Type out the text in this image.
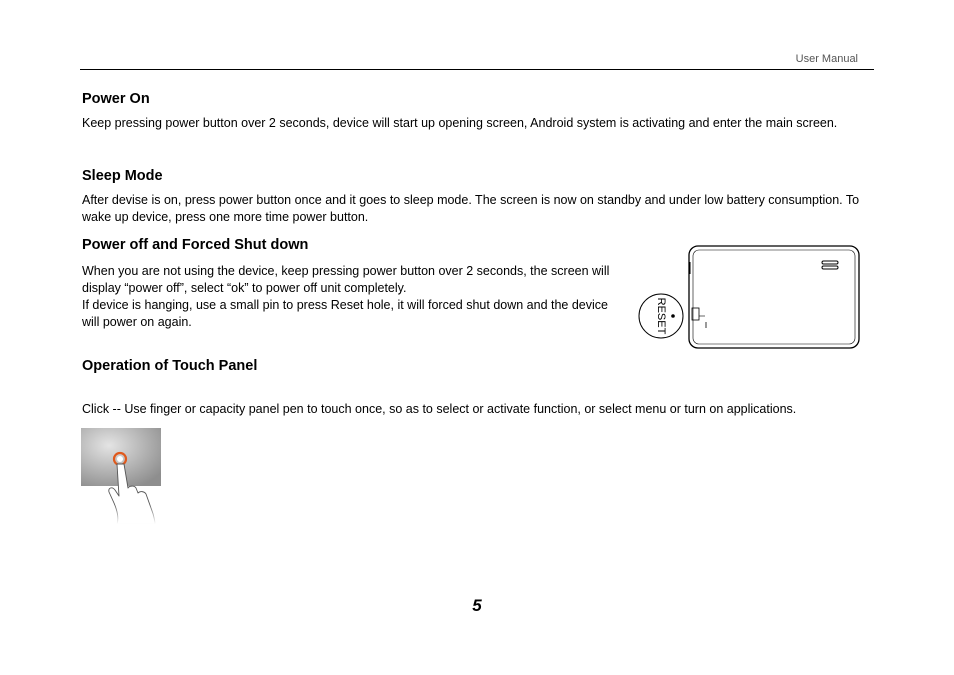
User Manual
Power On

Keep pressing power button over 2 seconds, device will start up opening screen, Android system is activating and enter the main screen.

Sleep Mode

After devise is on, press power button once and it goes to sleep mode. The screen is now on standby and under low battery consumption. To wake up device, press one more time power button.

Power off and Forced Shut down
When you are not using the device, keep pressing power button over 2 seconds, the screen will display “power off”, select “ok” to power off unit completely.
If device is hanging, use a small pin to press Reset hole, it will forced shut down and the device will power on again.	RESET
Operation of Touch Panel

Click -- Use finger or capacity panel pen to touch once, so as to select or activate function, or select menu or turn on applications.

5
